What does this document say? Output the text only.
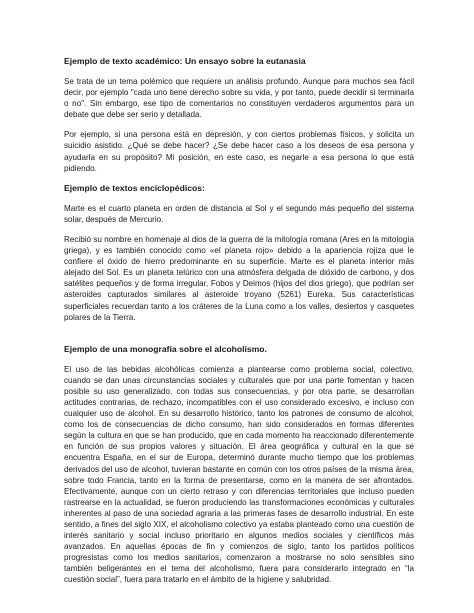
Ejemplo de texto académico: Un ensayo sobre la eutanasia

Se trata de un tema polémico que requiere un análisis profundo. Aunque para muchos sea fácil decir, por ejemplo "cada uno tiene derecho sobre su vida, y por tanto, puede decidir si terminarla o no". Sin embargo, ese tipo de comentarios no constituyen verdaderos argumentos para un debate que debe ser serio y detallada.

Por ejemplo, si una persona está en depresión, y con ciertos problemas físicos, y solicita un suicidio asistido. ¿Qué se debe hacer? ¿Se debe hacer caso a los deseos de esa persona y ayudarla en su propósito? Mi posición, en este caso, es negarle a esa persona lo que está pidiendo.

Ejemplo de textos enciclopédicos:

Marte es el cuarto planeta en orden de distancia al Sol y el segundo más pequeño del sistema solar, después de Mercurio.

Recibió su nombre en homenaje al dios de la guerra de la mitología romana (Ares en la mitología griega), y es también conocido como «el planeta rojo» debido a la apariencia rojiza que le confiere el óxido de hierro predominante en su superficie. Marte es el planeta interior más alejado del Sol. Es un planeta telúrico con una atmósfera delgada de dióxido de carbono, y dos satélites pequeños y de forma irregular, Fobos y Deimos (hijos del dios griego), que podrían ser asteroides capturados similares al asteroide troyano (5261) Eureka. Sus características superficiales recuerdan tanto a los cráteres de la Luna como a los valles, desiertos y casquetes polares de la Tierra.

Ejemplo de una monografía sobre el alcoholismo.

El uso de las bebidas alcohólicas comienza a plantearse como problema social, colectivo, cuando se dan unas circunstancias sociales y culturales que por una parte fomentan y hacen posible su uso generalizado, con todas sus consecuencias, y por otra parte, se desarrollan actitudes contrarias, de rechazo, incompatibles con el uso considerado excesivo, e incluso con cualquier uso de alcohol. En su desarrollo histórico, tanto los patrones de consumo de alcohol, como los de consecuencias de dicho consumo, han sido considerados en formas diferentes según la cultura en que se han producido, que en cada momento ha reaccionado diferentemente en función de sus propios valores y situación. El área geográfica y cultural en la que se encuentra España, en el sur de Europa, determinó durante mucho tiempo que los problemas derivados del uso de alcohol, tuvieran bastante en común con los otros países de la misma área, sobre todo Francia, tanto en la forma de presentarse, como en la manera de ser afrontados. Efectivamente, aunque con un cierto retraso y con diferencias territoriales que incluso pueden rastrearse en la actualidad, se fueron produciendo las transformaciones económicas y culturales inherentes al paso de una sociedad agraria a las primeras fases de desarrollo industrial. En este sentido, a fines del siglo XIX, el alcoholismo colectivo ya estaba planteado como una cuestión de interés sanitario y social incluso prioritario en algunos medios sociales y científicos más avanzados. En aquellas épocas de fin y comienzos de siglo, tanto los partidos políticos progresistas como los medios sanitarios, comenzaron a mostrarse no solo sensibles sino también beligerantes en el tema del alcoholismo, fuera para considerarlo integrado en “la cuestión social”, fuera para tratarlo en el ámbito de la higiene y salubridad.
